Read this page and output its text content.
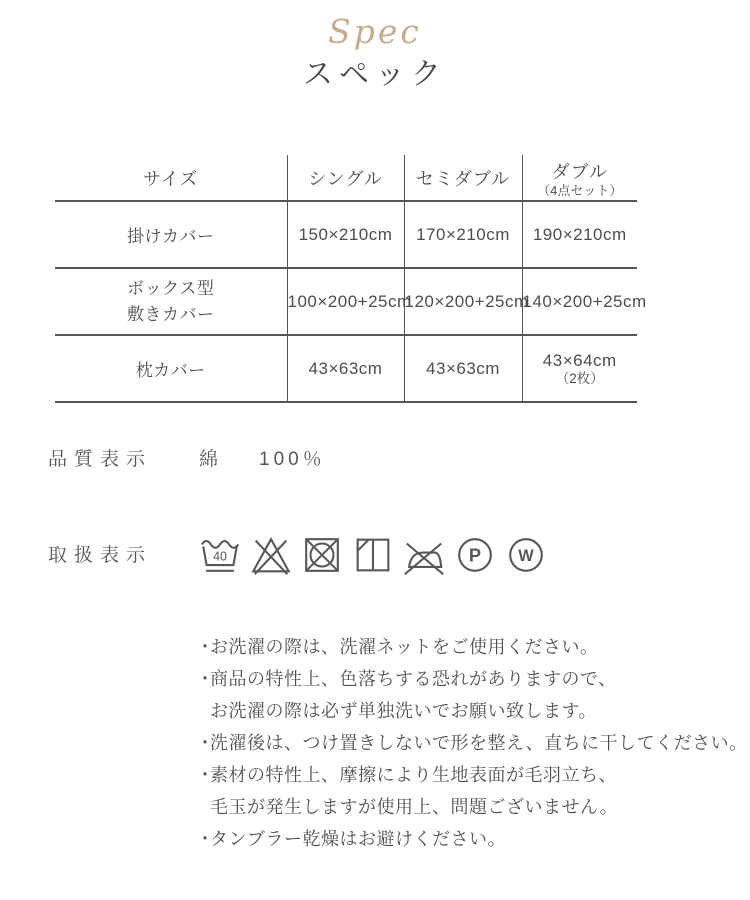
Spec
スペック
サイズ	シングル	セミダブル	ダブル
（4点セット）

掛けカバー	150×210cm	170×210cm	190×210cm

ボックス型
敷きカバー	100×200+25cm	120×200+25cm	140×200+25cm
枕カバー	43×63cm	43×63cm	43×64cm
（2枚）
品質表示 綿 100％
取扱表示	40	P W
・
お洗濯の際は、洗濯ネットをご使用ください。
・
商品の特性上、色落ちする恐れがありますので、
お洗濯の際は必ず単独洗いでお願い致します。
・
洗濯後は、つけ置きしないで形を整え、直ちに干してください。
・
素材の特性上、摩擦により生地表面が毛羽立ち、
毛玉が発生しますが使用上、問題ございません。
・
タンブラー乾燥はお避けください。
